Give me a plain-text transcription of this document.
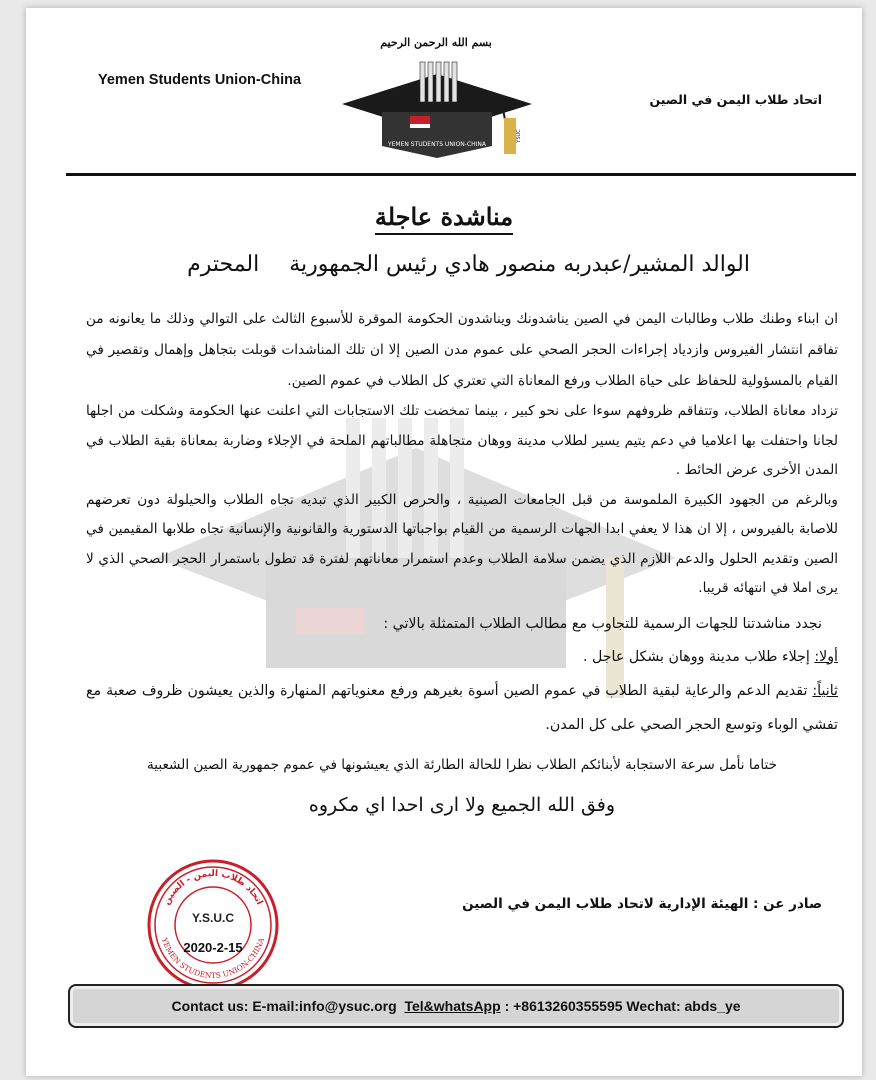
بسم الله الرحمن الرحيم
Yemen Students Union-China
اتحاد طلاب اليمن في الصين
YEMEN STUDENTS UNION-CHINA
YSUC
مناشدة عاجلة
الوالد المشير/عبدربه منصور هادي رئيس الجمهوريةالمحترم

ان ابناء وطنك طلاب وطالبات اليمن في الصين يناشدونك ويناشدون الحكومة الموقرة للأسبوع الثالث على التوالي وذلك ما يعانونه من تفاقم انتشار الفيروس وازدياد إجراءات الحجر الصحي على عموم مدن الصين إلا ان تلك المناشدات قوبلت بتجاهل وإهمال وتقصير في القيام بالمسؤولية للحفاظ على حياة الطلاب ورفع المعاناة التي تعتري كل الطلاب في عموم الصين.

تزداد معاناة الطلاب، وتتفاقم ظروفهم سوءا على نحو كبير ، بينما تمخضت تلك الاستجابات التي اعلنت عنها الحكومة وشكلت من اجلها لجانا واحتفلت بها اعلاميا في دعم يتيم يسير لطلاب مدينة ووهان متجاهلة مطالباتهم الملحة في الإجلاء وضاربة بمعاناة بقية الطلاب في المدن الأخرى عرض الحائط .

وبالرغم من الجهود الكبيرة الملموسة من قبل الجامعات الصينية ، والحرص الكبير الذي تبديه تجاه الطلاب والحيلولة دون تعرضهم للاصابة بالفيروس ، إلا ان هذا لا يعفي ابدا الجهات الرسمية من القيام بواجباتها الدستورية والقانونية والإنسانية تجاه طلابها المقيمين في الصين وتقديم الحلول والدعم اللازم الذي يضمن سلامة الطلاب وعدم استمرار معاناتهم لفترة قد تطول باستمرار الحجر الصحي الذي لا يرى املا في انتهائه قريبا.

نجدد مناشدتنا للجهات الرسمية للتجاوب مع مطالب الطلاب المتمثلة بالاتي :

أولا: إجلاء طلاب مدينة ووهان بشكل عاجل .

ثانياً: تقديم الدعم والرعاية لبقية الطلاب في عموم الصين أسوة بغيرهم ورفع معنوياتهم المنهارة والذين يعيشون ظروف صعبة مع تفشي الوباء وتوسع الحجر الصحي على كل المدن.

ختاما نأمل سرعة الاستجابة لأبنائكم الطلاب نظرا للحالة الطارئة الذي يعيشونها في عموم جمهورية الصين الشعبية

وفق الله الجميع ولا ارى احدا اي مكروه

صادر عن : الهيئة الإدارية لاتحاد طلاب اليمن في الصين
اتحاد طلاب اليمن - الصين
YEMEN STUDENTS UNION-CHINA
Y.S.U.C
2020-2-15
Contact us: E-mail:info@ysuc.org
Tel&whatsApp
: +8613260355595
Wechat: abds_ye
